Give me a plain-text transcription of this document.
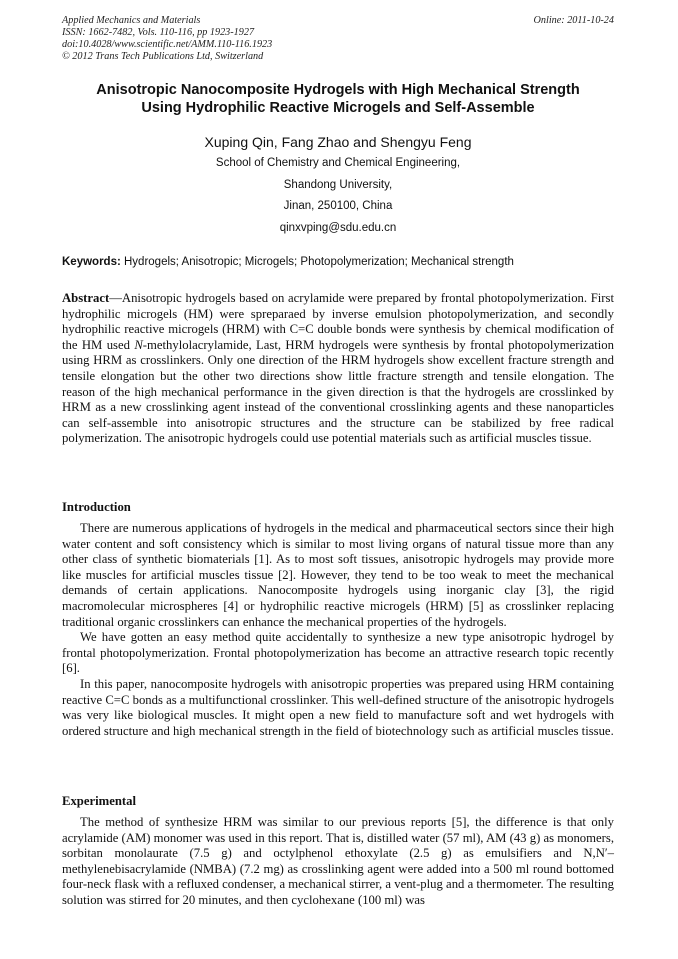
Applied Mechanics and Materials
ISSN: 1662-7482, Vols. 110-116, pp 1923-1927
doi:10.4028/www.scientific.net/AMM.110-116.1923
© 2012 Trans Tech Publications Ltd, Switzerland
Online: 2011-10-24
Anisotropic Nanocomposite Hydrogels with High Mechanical Strength
Using Hydrophilic Reactive Microgels and Self-Assemble
Xuping Qin, Fang Zhao and Shengyu Feng
School of Chemistry and Chemical Engineering,
Shandong University,
Jinan, 250100, China
qinxvping@sdu.edu.cn
Keywords: Hydrogels; Anisotropic; Microgels; Photopolymerization; Mechanical strength

Abstract—Anisotropic hydrogels based on acrylamide were prepared by frontal photopolymerization. First hydrophilic microgels (HM) were spreparaed by inverse emulsion photopolymerization, and secondly hydrophilic reactive microgels (HRM) with C=C double bonds were synthesis by chemical modification of the HM used N-methylolacrylamide, Last, HRM hydrogels were synthesis by frontal photopolymerization using HRM as crosslinkers. Only one direction of the HRM hydrogels show excellent fracture strength and tensile elongation but the other two directions show little fracture strength and tensile elongation. The reason of the high mechanical performance in the given direction is that the hydrogels are crosslinked by HRM as a new crosslinking agent instead of the conventional crosslinking agents and these nanoparticles can self-assemble into anisotropic structures and the structure can be stabilized by free radical polymerization. The anisotropic hydrogels could use potential materials such as artificial muscles tissue.

Introduction

There are numerous applications of hydrogels in the medical and pharmaceutical sectors since their high water content and soft consistency which is similar to most living organs of natural tissue more than any other class of synthetic biomaterials [1]. As to most soft tissues, anisotropic hydrogels may provide more like muscles for artificial muscles tissue [2]. However, they tend to be too weak to meet the mechanical demands of certain applications. Nanocomposite hydrogels using inorganic clay [3], the rigid macromolecular microspheres [4] or hydrophilic reactive microgels (HRM) [5] as crosslinker replacing traditional organic crosslinkers can enhance the mechanical properties of the hydrogels.

We have gotten an easy method quite accidentally to synthesize a new type anisotropic hydrogel by frontal photopolymerization. Frontal photopolymerization has become an attractive research topic recently [6].

In this paper, nanocomposite hydrogels with anisotropic properties was prepared using HRM containing reactive C=C bonds as a multifunctional crosslinker. This well-defined structure of the anisotropic hydrogels was very like biological muscles. It might open a new field to manufacture soft and wet hydrogels with ordered structure and high mechanical strength in the field of biotechnology such as artificial muscles tissue.

Experimental

The method of synthesize HRM was similar to our previous reports [5], the difference is that only acrylamide (AM) monomer was used in this report. That is, distilled water (57 ml), AM (43 g) as monomers, sorbitan monolaurate (7.5 g) and octylphenol ethoxylate (2.5 g) as emulsifiers and N,N′–methylenebisacrylamide (NMBA) (7.2 mg) as crosslinking agent were added into a 500 ml round bottomed four-neck flask with a refluxed condenser, a mechanical stirrer, a vent-plug and a thermometer. The resulting solution was stirred for 20 minutes, and then cyclohexane (100 ml) was
